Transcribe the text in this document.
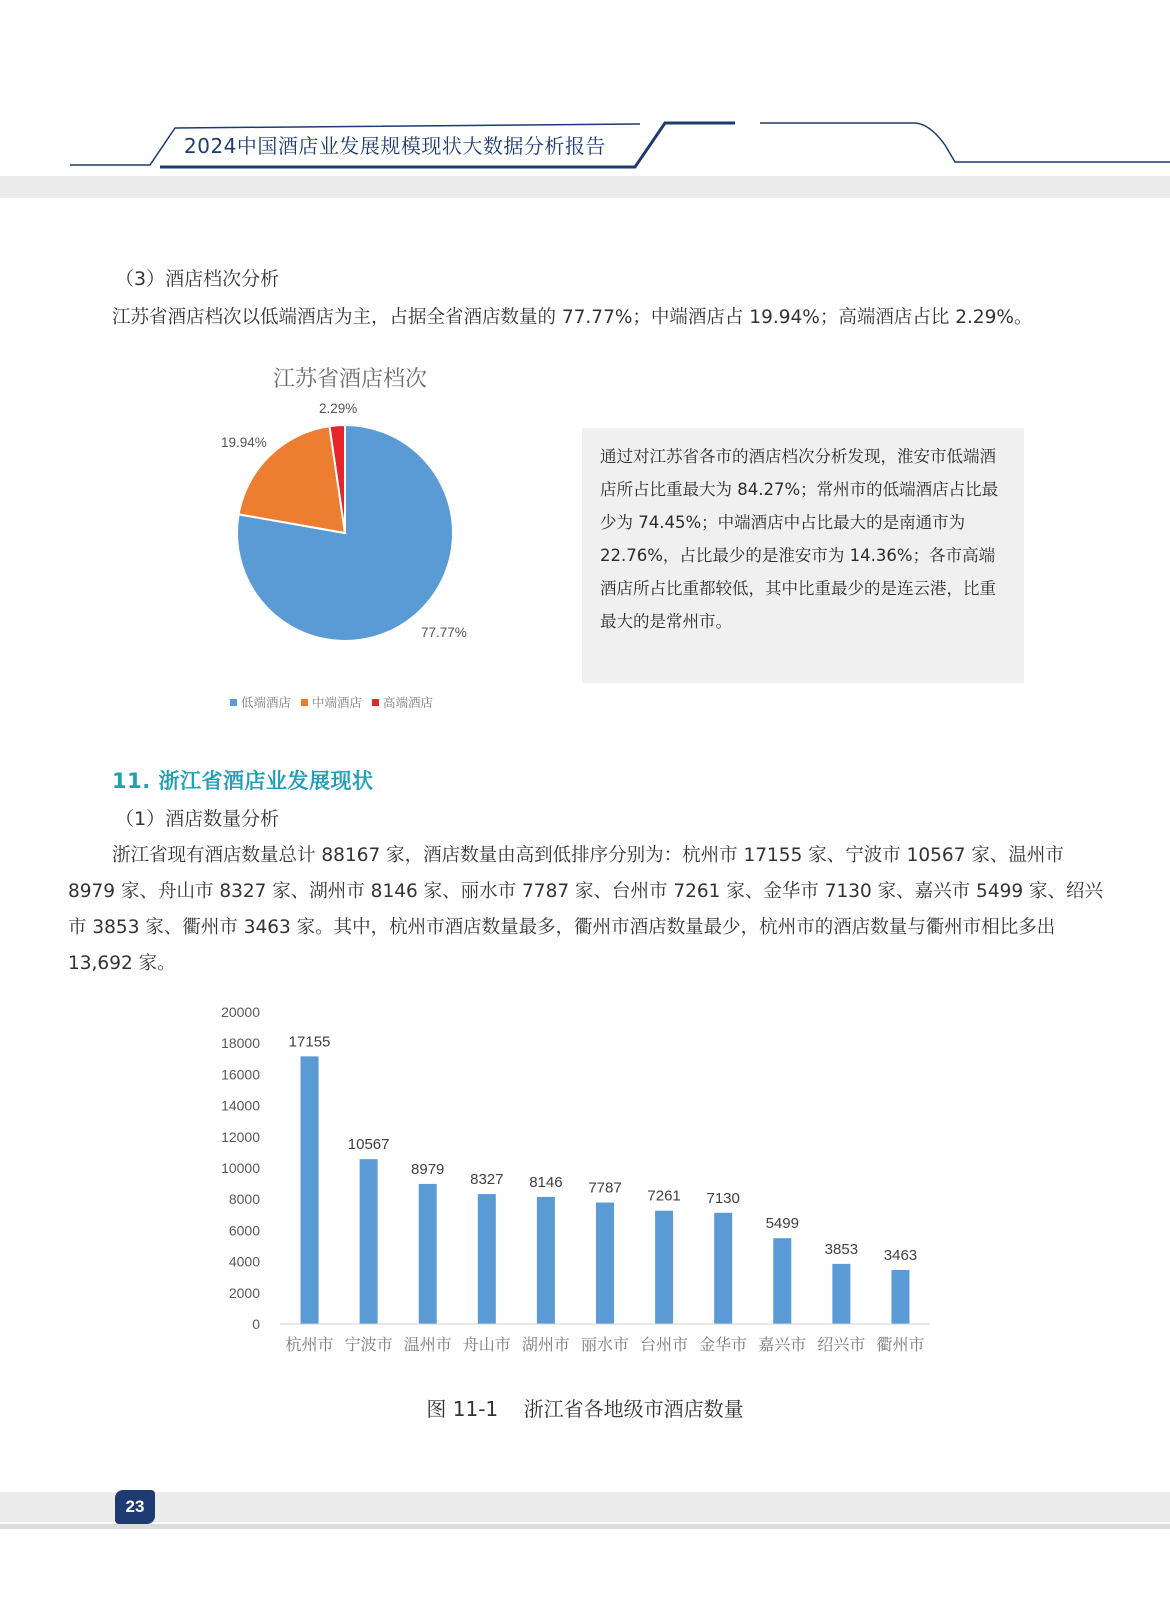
2024中国酒店业发展规模现状大数据分析报告
（3）酒店档次分析
江苏省酒店档次以低端酒店为主，占据全省酒店数量的 77.77%；中端酒店占 19.94%；高端酒店占比 2.29%。
江苏省酒店档次
77.77%
19.94%
2.29%
低端酒店 中端酒店 高端酒店
通过对江苏省各市的酒店档次分析发现，淮安市低端酒店所占比重最大为 84.27%；常州市的低端酒店占比最少为 74.45%；中端酒店中占比最大的是南通市为 22.76%，占比最少的是淮安市为 14.36%；各市高端酒店所占比重都较低，其中比重最少的是连云港，比重最大的是常州市。
11. 浙江省酒店业发展现状
（1）酒店数量分析
浙江省现有酒店数量总计 88167 家，酒店数量由高到低排序分别为：杭州市 17155 家、宁波市 10567 家、温州市 8979 家、舟山市 8327 家、湖州市 8146 家、丽水市 7787 家、台州市 7261 家、金华市 7130 家、嘉兴市 5499 家、绍兴市 3853 家、衢州市 3463 家。其中，杭州市酒店数量最多，衢州市酒店数量最少，杭州市的酒店数量与衢州市相比多出 13,692 家。
0
2000
4000
6000
8000
10000
12000
14000
16000
18000
20000
17155
10567
8979
8327 8146 7787 7261 7130
5499
3853 3463
杭州市 宁波市 温州市 舟山市 湖州市 丽水市 台州市 金华市 嘉兴市 绍兴市 衢州市
图 11-1    浙江省各地级市酒店数量
23
